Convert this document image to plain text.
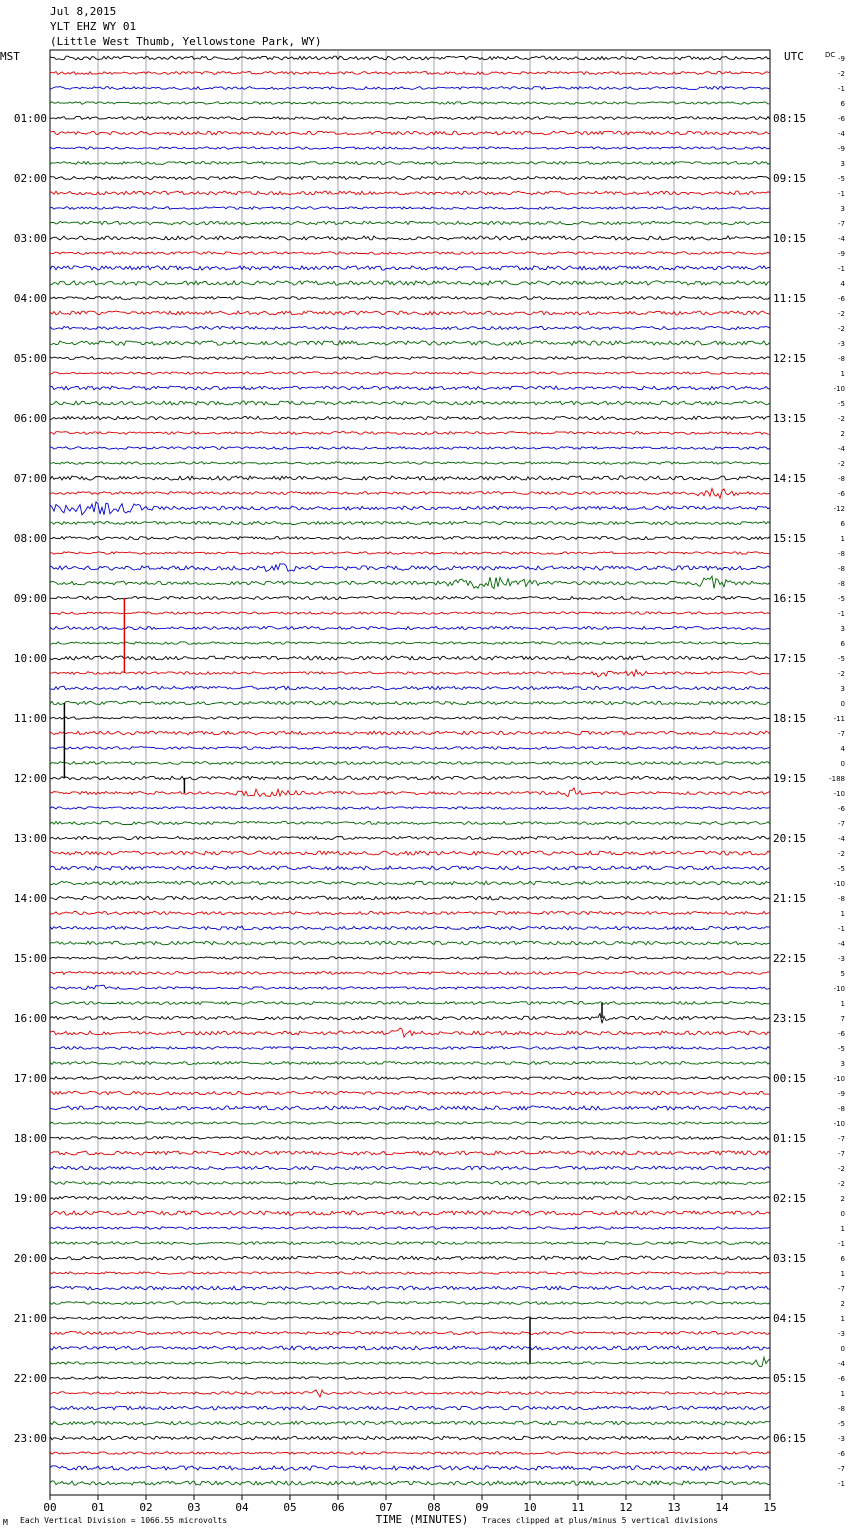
Jul 8,2015
YLT EHZ WY 01
(Little West Thumb, Yellowstone Park, WY)
MST	UTC	DC -9
-2
-1
6
-6
01:00	08:15
-4
-9
3
-5
02:00	09:15
-1
3
-7
-4
03:00	10:15
-9
-1
4
-6
04:00	11:15
-2
-2
-3
-8
05:00	12:15
1
-10
-5
-2
06:00	13:15
2
-4
-2
-8
07:00	14:15
-6
-12
6
1
08:00	15:15
-8
-8
-8
-5
09:00	16:15
-1
3
6
-5
10:00	17:15
-2
3
0
-11
11:00	18:15
-7
4
0
-188
12:00	19:15
-10
-6
-7
-4
13:00	20:15
-2
-5
-10
-8
14:00	21:15
1
-1
-4
-3
15:00	22:15
5
-10
1
7
16:00	23:15
-6
-5
3
-10
17:00	00:15
-9
-8
-10
-7
18:00	01:15
-7
-2
-2
2
19:00	02:15
0
1
-1
6
20:00	03:15
1
-7
2
1
21:00	04:15
-3
0
-4
-6
22:00	05:15
1
-8
-5
-3
23:00	06:15
-6
-7
-1
00	01	02	03	04	05	06	07	08	09	10	11	12	13	14	15
TIME (MINUTES)
M Each Vertical Division = 1066.55 microvolts	Traces clipped at plus/minus 5 vertical divisions
